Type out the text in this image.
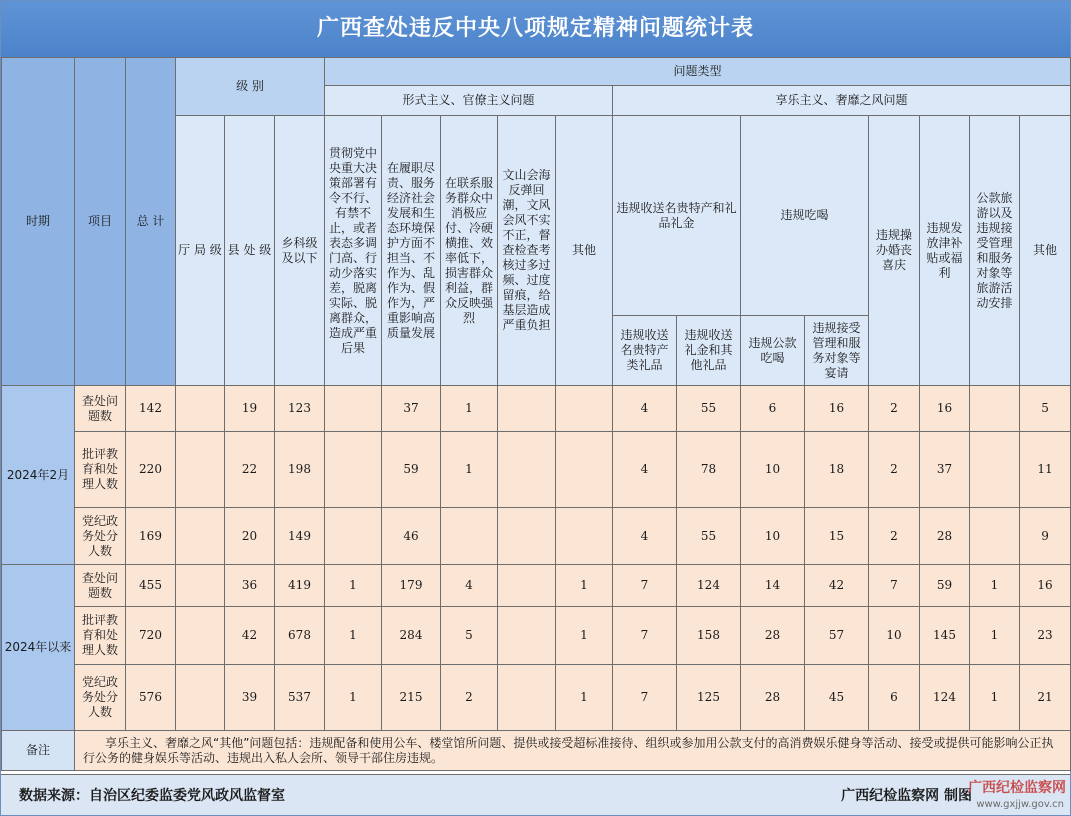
广西查处违反中央八项规定精神问题统计表
时期	项目	总 计	级 别			问题类型												
						形式主义、官僚主义问题					享乐主义、奢靡之风问题							
			厅 局 级	县 处 级	乡科级及以下	贯彻党中央重大决策部署有令不行、有禁不止，或者表态多调门高、行动少落实差，脱离实际、脱离群众，造成严重后果	在履职尽责、服务经济社会发展和生态环境保护方面不担当、不作为、乱作为、假作为，严重影响高质量发展	在联系服务群众中消极应付、冷硬横推、效率低下，损害群众利益，群众反映强烈	文山会海反弹回潮，文风会风不实不正，督查检查考核过多过频、过度留痕，给基层造成严重负担	其他	违规收送名贵特产和礼品礼金		违规吃喝		违规操办婚丧喜庆	违规发放津补贴或福利	公款旅游以及违规接受管理和服务对象等旅游活动安排	其他
											违规收送名贵特产类礼品	违规收送礼金和其他礼品	违规公款吃喝	违规接受管理和服务对象等宴请				
2024年2月	查处问题数	142		19	123		37	1			4	55	6	16	2	16		5
	批评教育和处理人数	220		22	198		59	1			4	78	10	18	2	37		11
	党纪政务处分人数	169		20	149		46				4	55	10	15	2	28		9
2024年以来	查处问题数	455		36	419	1	179	4		1	7	124	14	42	7	59	1	16
	批评教育和处理人数	720		42	678	1	284	5		1	7	158	28	57	10	145	1	23
	党纪政务处分人数	576		39	537	1	215	2		1	7	125	28	45	6	124	1	21
备注	享乐主义、奢靡之风“其他”问题包括：违规配备和使用公车、楼堂馆所问题、提供或接受超标准接待、组织或参加用公款支付的高消费娱乐健身等活动、接受或提供可能影响公正执行公务的健身娱乐等活动、违规出入私人会所、领导干部住房违规。																	
数据来源：自治区纪委监委党风政风监督室	广西纪检监察网 制图
广西纪检监察网
www.gxjjw.gov.cn
